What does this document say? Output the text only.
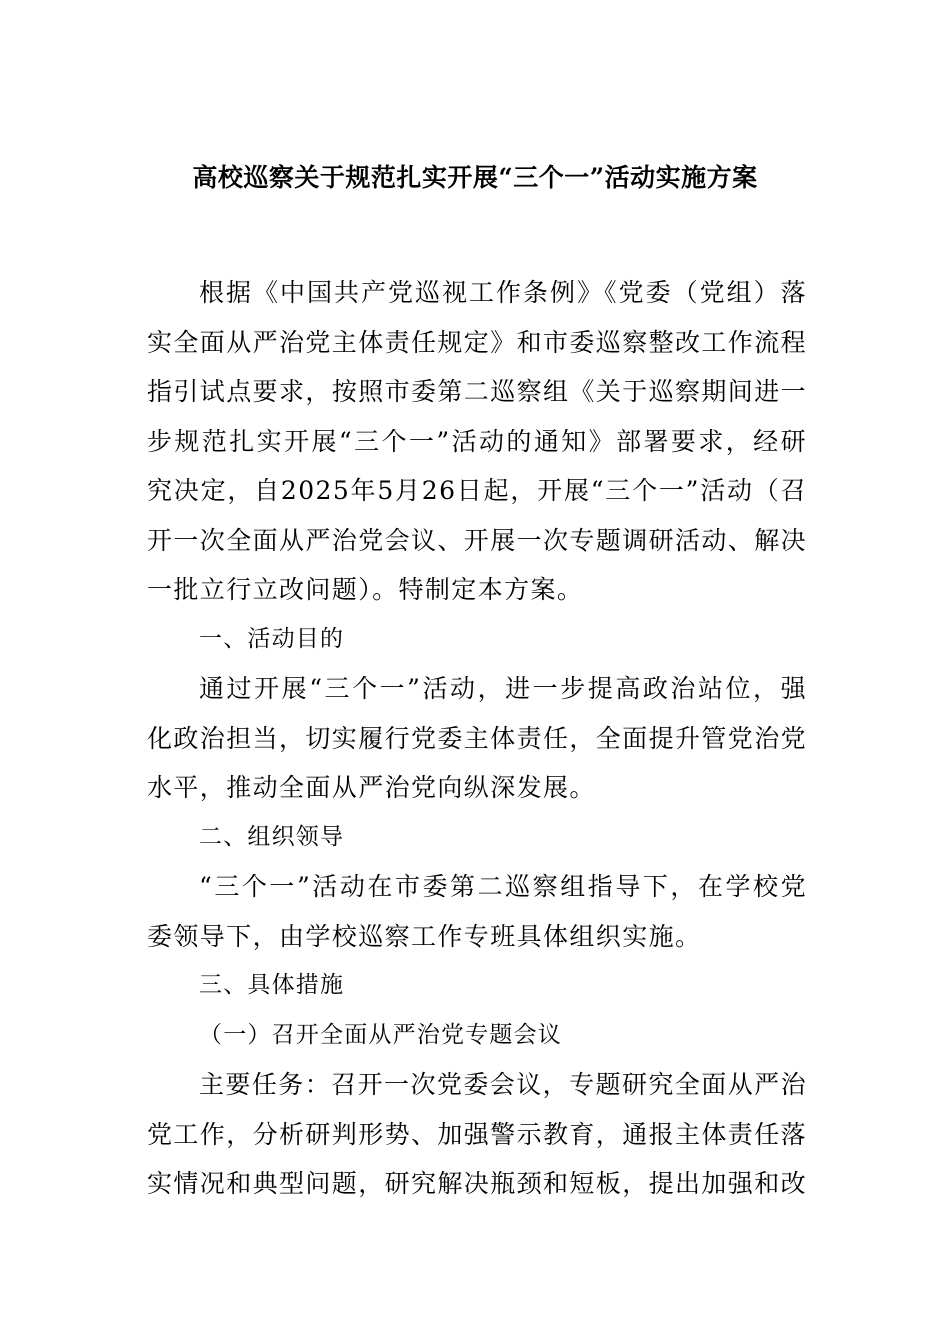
高校巡察关于规范扎实开展“三个一”活动实施方案

根据《中国共产党巡视工作条例》《党委（党组）落实全面从严治党主体责任规定》和市委巡察整改工作流程指引试点要求，按照市委第二巡察组《关于巡察期间进一步规范扎实开展“三个一”活动的通知》部署要求，经研究决定，自2025年5月26日起，开展“三个一”活动（召开一次全面从严治党会议、开展一次专题调研活动、解决一批立行立改问题）。特制定本方案。

一、活动目的

通过开展“三个一”活动，进一步提高政治站位，强化政治担当，切实履行党委主体责任，全面提升管党治党水平，推动全面从严治党向纵深发展。

二、组织领导

“三个一”活动在市委第二巡察组指导下，在学校党委领导下，由学校巡察工作专班具体组织实施。

三、具体措施

（一）召开全面从严治党专题会议

主要任务：召开一次党委会议，专题研究全面从严治党工作，分析研判形势、加强警示教育，通报主体责任落实情况和典型问题，研究解决瓶颈和短板，提出加强和改
